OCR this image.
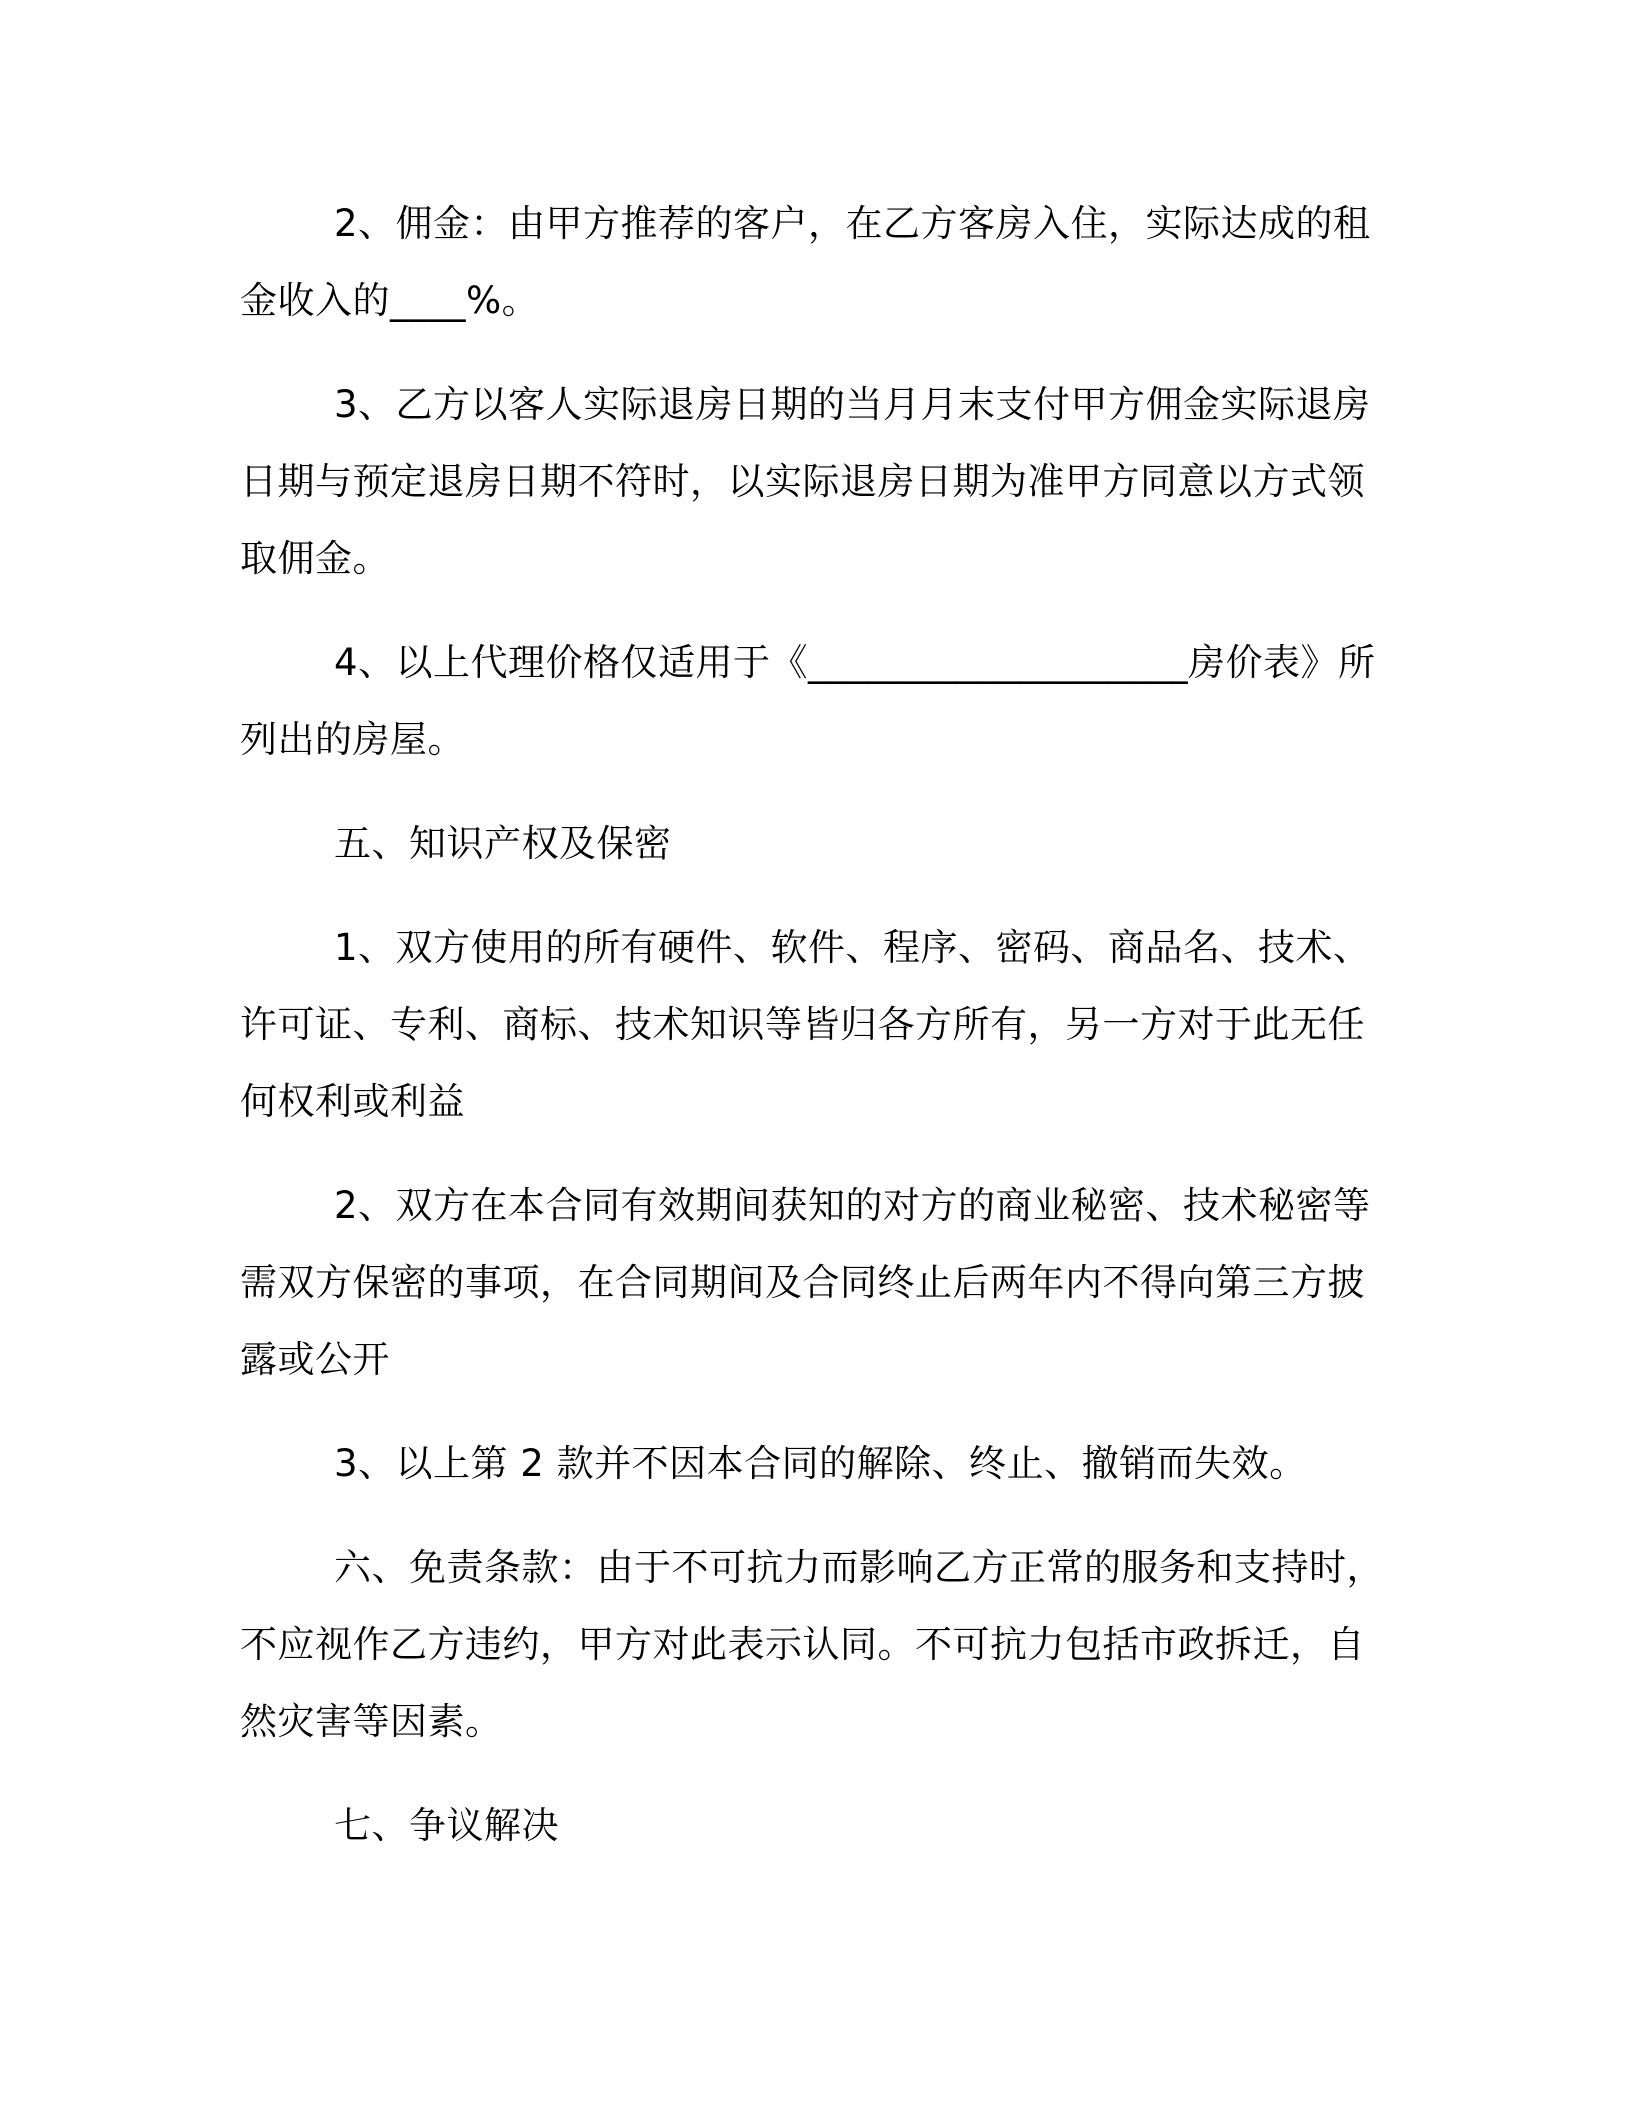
2、佣金：由甲方推荐的客户，在乙方客房入住，实际达成的租金收入的____%。

3、乙方以客人实际退房日期的当月月末支付甲方佣金实际退房日期与预定退房日期不符时，以实际退房日期为准甲方同意以方式领取佣金。

4、以上代理价格仅适用于《____________________房价表》所列出的房屋。

五、知识产权及保密

1、双方使用的所有硬件、软件、程序、密码、商品名、技术、许可证、专利、商标、技术知识等皆归各方所有，另一方对于此无任何权利或利益

2、双方在本合同有效期间获知的对方的商业秘密、技术秘密等需双方保密的事项，在合同期间及合同终止后两年内不得向第三方披露或公开

3、以上第 2 款并不因本合同的解除、终止、撤销而失效。

六、免责条款：由于不可抗力而影响乙方正常的服务和支持时，不应视作乙方违约，甲方对此表示认同。不可抗力包括市政拆迁，自然灾害等因素。

七、争议解决
